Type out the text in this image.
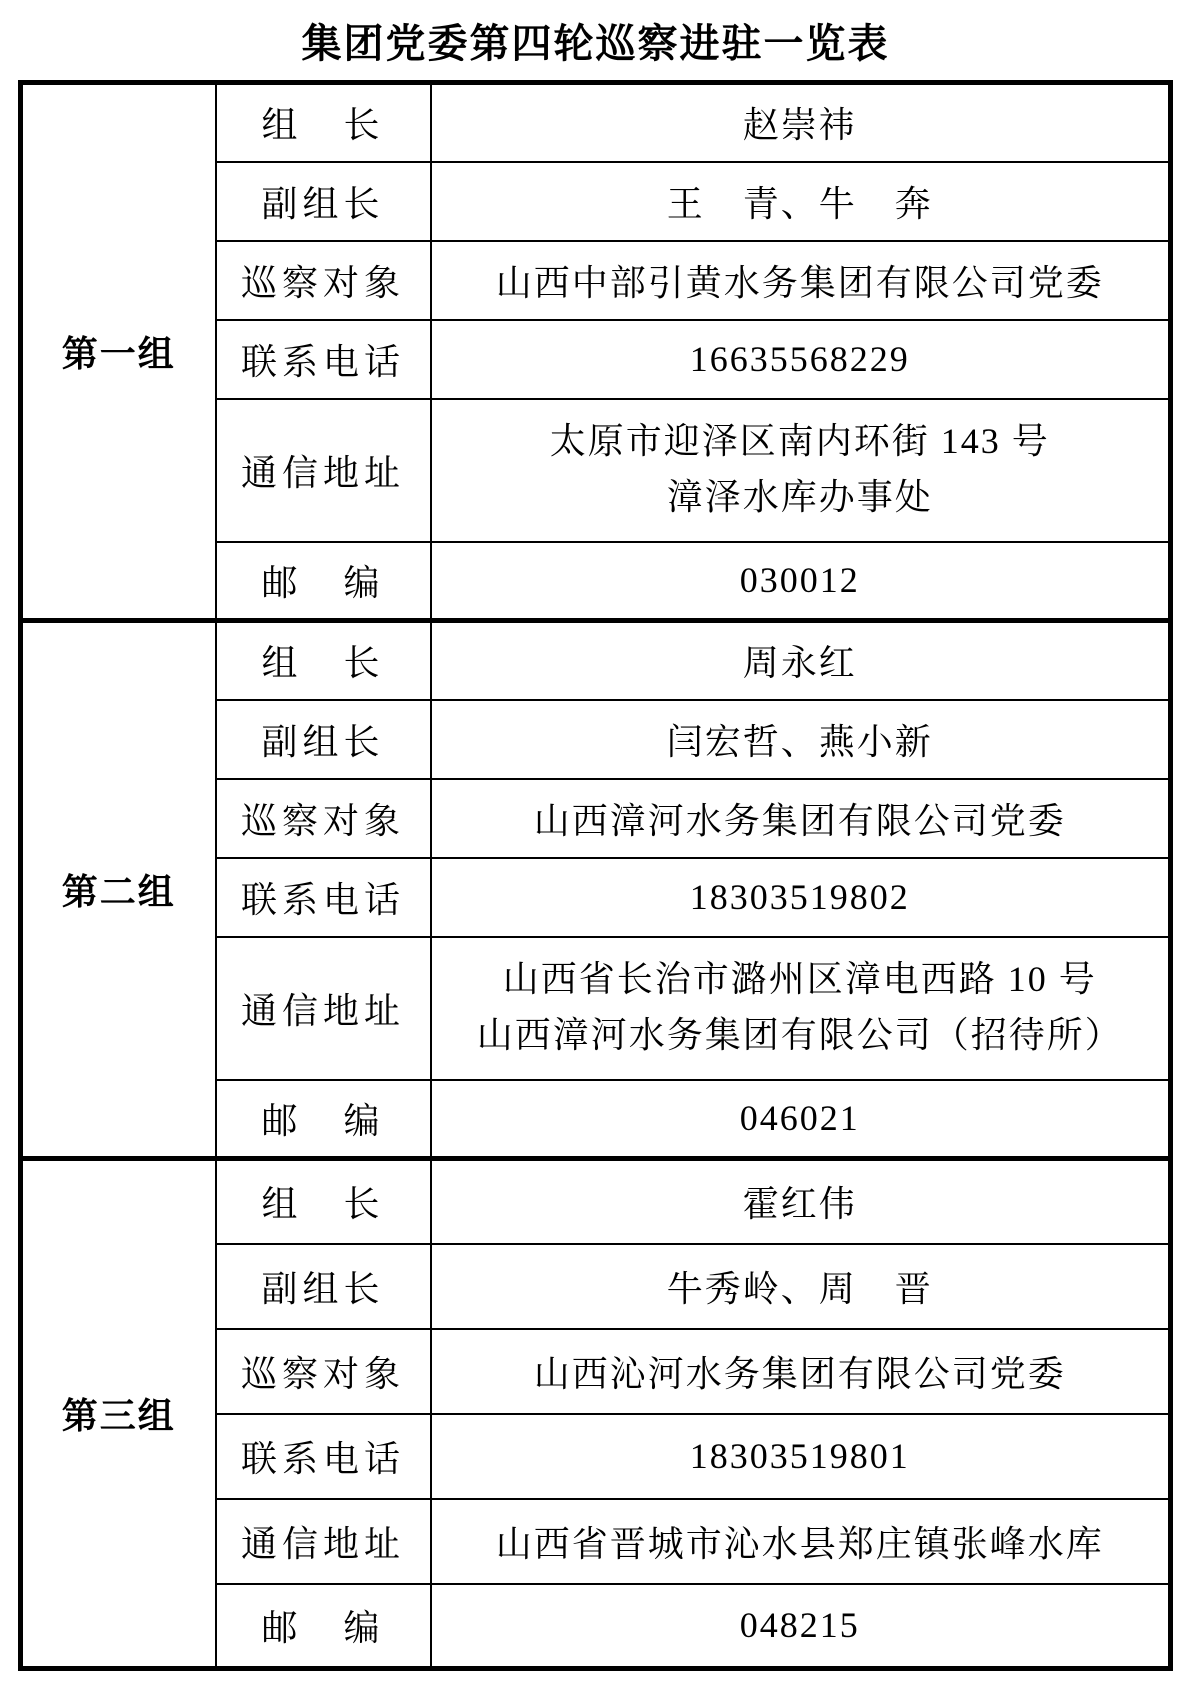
集团党委第四轮巡察进驻一览表
第一组	组　长	赵崇祎
	副组长	王　青、牛　奔
	巡察对象	山西中部引黄水务集团有限公司党委
	联系电话	16635568229
	通信地址	太原市迎泽区南内环街 143 号
漳泽水库办事处

	邮　编	030012
第二组	组　长	周永红
	副组长	闫宏哲、燕小新
	巡察对象	山西漳河水务集团有限公司党委
	联系电话	18303519802
	通信地址	山西省长治市潞州区漳电西路 10 号
山西漳河水务集团有限公司（招待所）

	邮　编	046021
第三组	组　长	霍红伟
	副组长	牛秀岭、周　晋
	巡察对象	山西沁河水务集团有限公司党委
	联系电话	18303519801
	通信地址	山西省晋城市沁水县郑庄镇张峰水库
	邮　编	048215
